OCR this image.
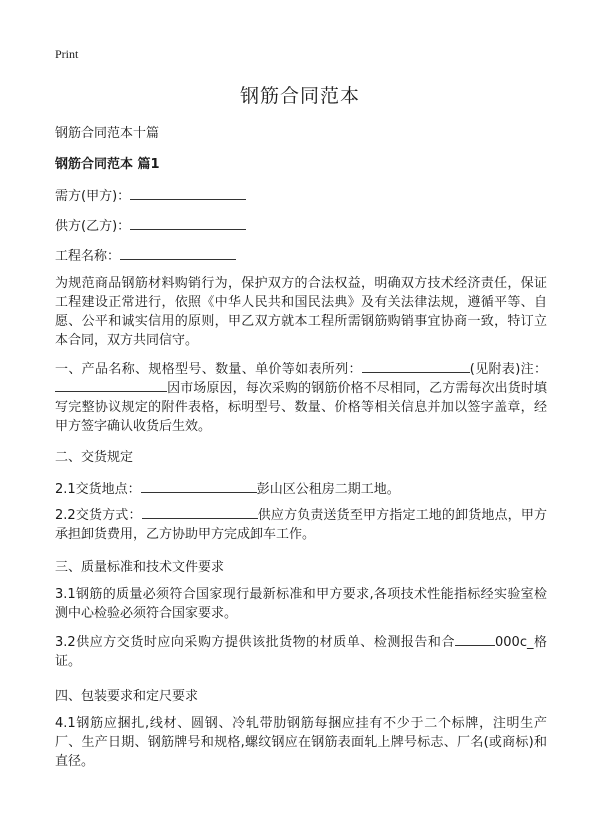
Print
钢筋合同范本
钢筋合同范本十篇
钢筋合同范本 篇1
需方(甲方)：
供方(乙方)：
工程名称：

为规范商品钢筋材料购销行为，保护双方的合法权益，明确双方技术经济责任，保证工程建设正常进行，依照《中华人民共和国民法典》及有关法律法规，遵循平等、自愿、公平和诚实信用的原则，甲乙双方就本工程所需钢筋购销事宜协商一致，特订立本合同，双方共同信守。

一、产品名称、规格型号、数量、单价等如表所列：	(见附表)注：因市场原因，每次采购的钢筋价格不尽相同，乙方需每次出货时填写完整协议规定的附件表格，标明型号、数量、价格等相关信息并加以签字盖章，经甲方签字确认收货后生效。

二、交货规定
2.1交货地点：	彭山区公租房二期工地。

2.2交货方式：	供应方负责送货至甲方指定工地的卸货地点，甲方承担卸货费用，乙方协助甲方完成卸车工作。

三、质量标准和技术文件要求

3.1钢筋的质量必须符合国家现行最新标准和甲方要求,各项技术性能指标经实验室检测中心检验必须符合国家要求。

3.2供应方交货时应向采购方提供该批货物的材质单、检测报告和合	000c_格证。

四、包装要求和定尺要求

4.1钢筋应捆扎,线材、圆钢、冷轧带肋钢筋每捆应挂有不少于二个标牌，注明生产厂、生产日期、钢筋牌号和规格,螺纹钢应在钢筋表面轧上牌号标志、厂名(或商标)和直径。
